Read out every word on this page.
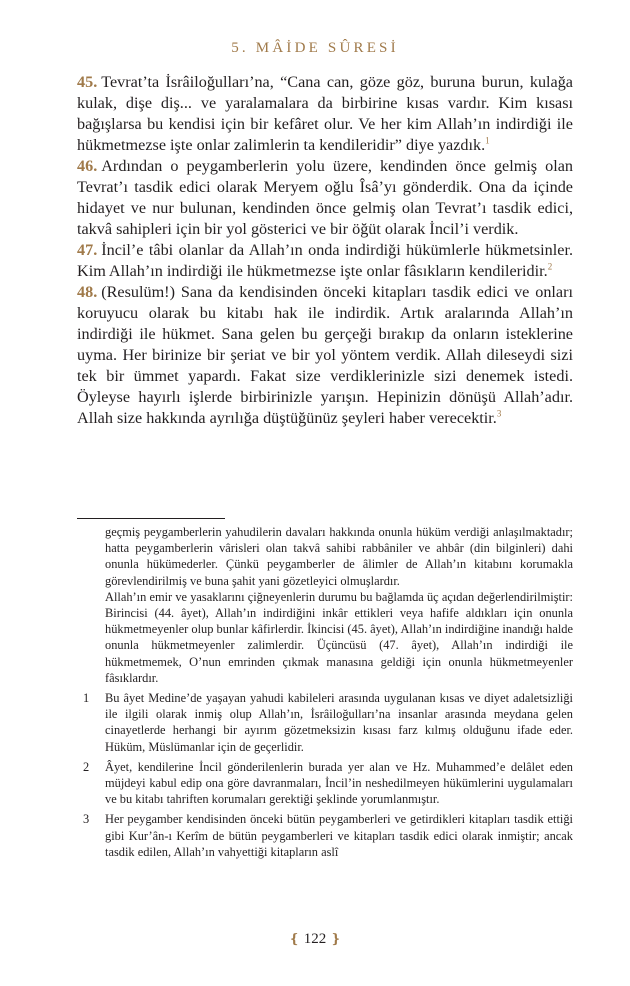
5. MÂİDE SÛRESİ

45. Tevrat’ta İsrâiloğulları’na, “Cana can, göze göz, buruna burun, kulağa kulak, dişe diş... ve yaralamalara da birbirine kısas vardır. Kim kısası bağışlarsa bu kendisi için bir kefâret olur. Ve her kim Allah’ın indirdiği ile hükmetmezse işte onlar zalimlerin ta kendileridir” diye yazdık.$^1$

46. Ardından o peygamberlerin yolu üzere, kendinden önce gelmiş olan Tevrat’ı tasdik edici olarak Meryem oğlu Îsâ’yı gönderdik. Ona da içinde hidayet ve nur bulunan, kendinden önce gelmiş olan Tevrat’ı tasdik edici, takvâ sahipleri için bir yol gösterici ve bir öğüt olarak İncil’i verdik.

47. İncil’e tâbi olanlar da Allah’ın onda indirdiği hükümlerle hükmetsinler. Kim Allah’ın indirdiği ile hükmetmezse işte onlar fâsıkların kendileridir.$^2$

48. (Resulüm!) Sana da kendisinden önceki kitapları tasdik edici ve onları koruyucu olarak bu kitabı hak ile indirdik. Artık aralarında Allah’ın indirdiği ile hükmet. Sana gelen bu gerçeği bırakıp da onların isteklerine uyma. Her birinize bir şeriat ve bir yol yöntem verdik. Allah dileseydi sizi tek bir ümmet yapardı. Fakat size verdiklerinizle sizi denemek istedi. Öyleyse hayırlı işlerde birbirinizle yarışın. Hepinizin dönüşü Allah’adır. Allah size hakkında ayrılığa düştüğünüz şeyleri haber verecektir.$^3$

geçmiş peygamberlerin yahudilerin davaları hakkında onunla hüküm verdiği anlaşılmaktadır; hatta peygamberlerin vârisleri olan takvâ sahibi rabbâniler ve ahbâr (din bilginleri) dahi onunla hükümederler. Çünkü peygamberler de âlimler de Allah’ın kitabını korumakla görevlendirilmiş ve buna şahit yani gözetleyici olmuşlardır.

Allah’ın emir ve yasaklarını çiğneyenlerin durumu bu bağlamda üç açıdan değerlendirilmiştir: Birincisi (44. âyet), Allah’ın indirdiğini inkâr ettikleri veya hafife aldıkları için onunla hükmetmeyenler olup bunlar kâfirlerdir. İkincisi (45. âyet), Allah’ın indirdiğine inandığı halde onunla hükmetmeyenler zalimlerdir. Üçüncüsü (47. âyet), Allah’ın indirdiği ile hükmetmemek, O’nun emrinden çıkmak manasına geldiği için onunla hükmetmeyenler fâsıklardır.

1 Bu âyet Medine’de yaşayan yahudi kabileleri arasında uygulanan kısas ve diyet adaletsizliği ile ilgili olarak inmiş olup Allah’ın, İsrâiloğulları’na insanlar arasında meydana gelen cinayetlerde herhangi bir ayırım gözetmeksizin kısası farz kılmış olduğunu ifade eder. Hüküm, Müslümanlar için de geçerlidir.

2 Âyet, kendilerine İncil gönderilenlerin burada yer alan ve Hz. Muhammed’e delâlet eden müjdeyi kabul edip ona göre davranmaları, İncil’in neshedilmeyen hükümlerini uygulamaları ve bu kitabı tahriften korumaları gerektiği şeklinde yorumlanmıştır.

3 Her peygamber kendisinden önceki bütün peygamberleri ve getirdikleri kitapları tasdik ettiği gibi Kur’ân-ı Kerîm de bütün peygamberleri ve kitapları tasdik edici olarak inmiştir; ancak tasdik edilen, Allah’ın vahyettiği kitapların aslî

❴ 122 ❵
